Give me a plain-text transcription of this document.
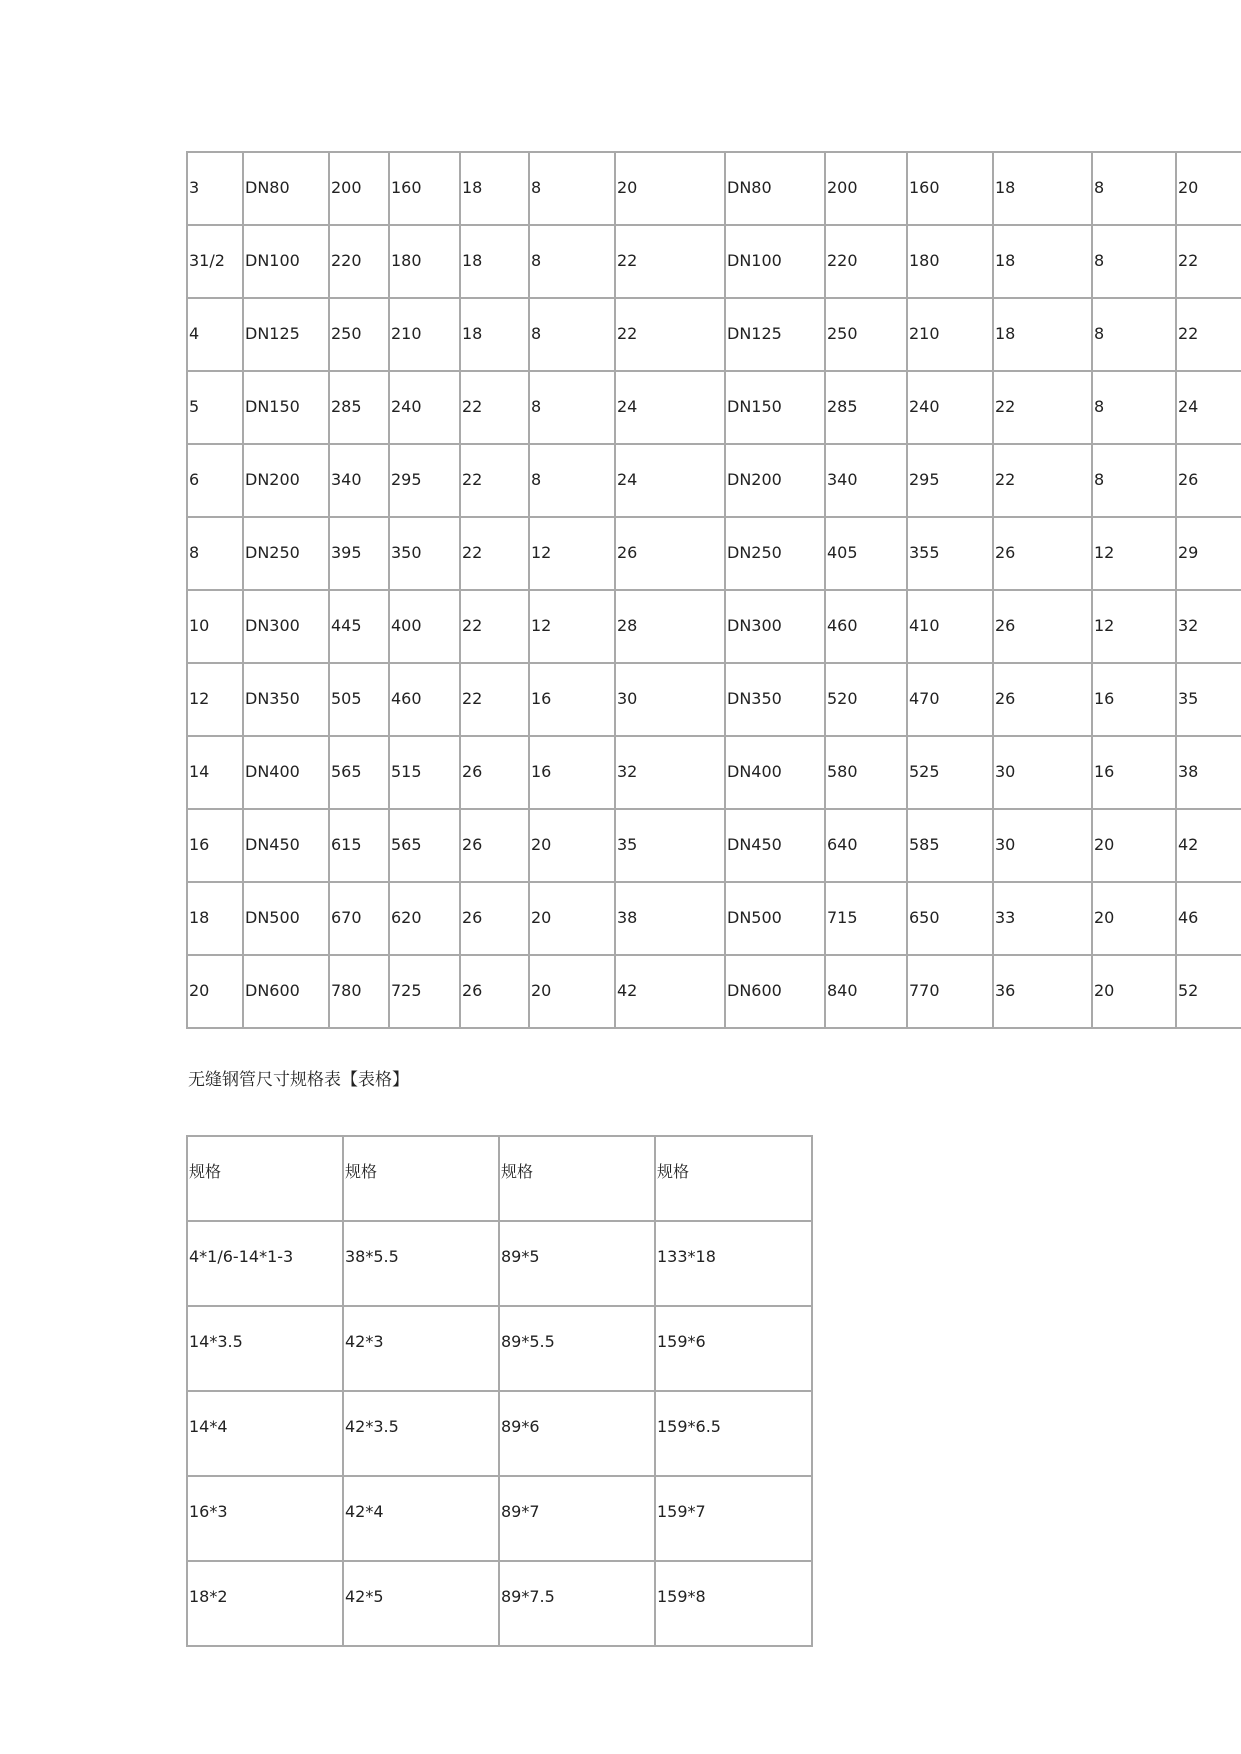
3	DN80	200	160	18	8	20	DN80	200	160	18	8	20
31/2	DN100	220	180	18	8	22	DN100	220	180	18	8	22
4	DN125	250	210	18	8	22	DN125	250	210	18	8	22
5	DN150	285	240	22	8	24	DN150	285	240	22	8	24
6	DN200	340	295	22	8	24	DN200	340	295	22	8	26
8	DN250	395	350	22	12	26	DN250	405	355	26	12	29
10	DN300	445	400	22	12	28	DN300	460	410	26	12	32
12	DN350	505	460	22	16	30	DN350	520	470	26	16	35
14	DN400	565	515	26	16	32	DN400	580	525	30	16	38
16	DN450	615	565	26	20	35	DN450	640	585	30	20	42
18	DN500	670	620	26	20	38	DN500	715	650	33	20	46
20	DN600	780	725	26	20	42	DN600	840	770	36	20	52
无缝钢管尺寸规格表【表格】
规格	规格	规格	规格
4*1/6-14*1-3	38*5.5	89*5	133*18
14*3.5	42*3	89*5.5	159*6
14*4	42*3.5	89*6	159*6.5
16*3	42*4	89*7	159*7
18*2	42*5	89*7.5	159*8
